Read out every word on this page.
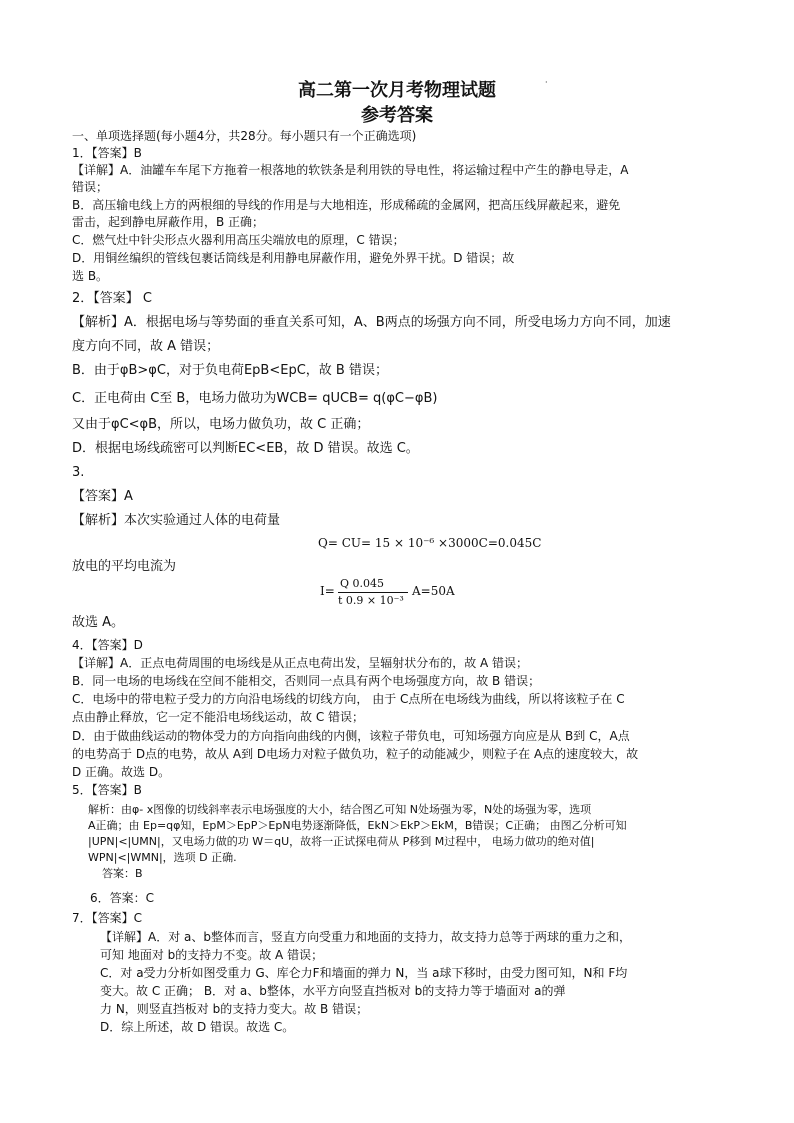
高二第一次月考物理试题
参考答案
·
一、单项选择题(每小题4分，共28分。每小题只有一个正确选项)
1．【答案】B
【详解】A．油罐车车尾下方拖着一根落地的软铁条是利用铁的导电性，将运输过程中产生的静电导走，A
错误；
B．高压输电线上方的两根细的导线的作用是与大地相连，形成稀疏的金属网，把高压线屏蔽起来，避免
雷击，起到静电屏蔽作用，B 正确；
C．燃气灶中针尖形点火器利用高压尖端放电的原理，C 错误；
D．用铜丝编织的管线包裹话筒线是利用静电屏蔽作用，避免外界干扰。D 错误；故
选 B。
2．【答案】 C
【解析】A．根据电场与等势面的垂直关系可知，A、B两点的场强方向不同，所受电场力方向不同，加速
度方向不同，故 A 错误；
B．由于φB>φC，对于负电荷EpB<EpC，故 B 错误；
C．正电荷由 C至 B，电场力做功为WCB= qUCB= q(φC−φB)
又由于φC<φB，所以，电场力做负功，故 C 正确；
D．根据电场线疏密可以判断EC<EB，故 D 错误。故选 C。
3.
【答案】A
【解析】本次实验通过人体的电荷量
Q= CU= 15 × 10⁻⁶ ×3000C=0.045C
放电的平均电流为
I=
Q 0.045
t 0.9 × 10⁻³
A=50A
故选 A。
4．【答案】D
【详解】A．正点电荷周围的电场线是从正点电荷出发，呈辐射状分布的，故 A 错误；
B．同一电场的电场线在空间不能相交，否则同一点具有两个电场强度方向，故 B 错误；
C．电场中的带电粒子受力的方向沿电场线的切线方向， 由于 C点所在电场线为曲线，所以将该粒子在 C
点由静止释放，它一定不能沿电场线运动，故 C 错误；
D．由于做曲线运动的物体受力的方向指向曲线的内侧，该粒子带负电，可知场强方向应是从 B到 C，A点
的电势高于 D点的电势，故从 A到 D电场力对粒子做负功，粒子的动能减少，则粒子在 A点的速度较大，故
D 正确。故选 D。
5．【答案】B
解析：由φ- x图像的切线斜率表示电场强度的大小，结合图乙可知 N处场强为零，N处的场强为零，选项
A正确；由 Ep=qφ知，EpM＞EpP＞EpN电势逐渐降低，EkN＞EkP＞EkM，B错误；C正确； 由图乙分析可知
|UPN|<|UMN|，又电场力做的功 W＝qU，故将一正试探电荷从 P移到 M过程中， 电场力做功的绝对值|
WPN|<|WMN|，选项 D 正确.
答案：B
6．答案：C
7．【答案】C
【详解】A．对 a、b整体而言，竖直方向受重力和地面的支持力，故支持力总等于两球的重力之和，
可知 地面对 b的支持力不变。故 A 错误；
C．对 a受力分析如图受重力 G、库仑力F和墙面的弹力 N，当 a球下移时，由受力图可知，N和 F均
变大。故 C 正确； B．对 a、b整体，水平方向竖直挡板对 b的支持力等于墙面对 a的弹
力 N，则竖直挡板对 b的支持力变大。故 B 错误；
D．综上所述，故 D 错误。故选 C。
